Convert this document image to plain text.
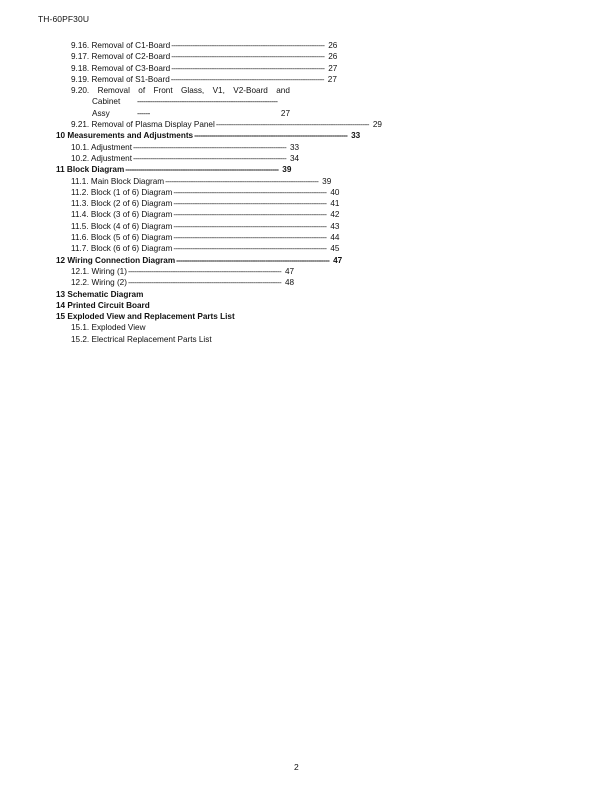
TH-60PF30U
9.16. Removal of C1-Board ------------------------------------------------------------------------ 26
9.17. Removal of C2-Board ------------------------------------------------------------------------ 26
9.18. Removal of C3-Board ------------------------------------------------------------------------ 27
9.19. Removal of S1-Board ------------------------------------------------------------------------ 27
9.20. Removal of Front Glass, V1, V2-Board and
Cabinet Assy
------------------------------------------------------------------------	27
9.21. Removal of Plasma Display Panel ------------------------------------------------------------------------ 29
10 Measurements and Adjustments ------------------------------------------------------------------------ 33
10.1. Adjustment ------------------------------------------------------------------------ 33
10.2. Adjustment ------------------------------------------------------------------------ 34
11 Block Diagram ------------------------------------------------------------------------ 39
11.1. Main Block Diagram ------------------------------------------------------------------------ 39
11.2. Block (1 of 6) Diagram ------------------------------------------------------------------------ 40
11.3. Block (2 of 6) Diagram ------------------------------------------------------------------------ 41
11.4. Block (3 of 6) Diagram ------------------------------------------------------------------------ 42
11.5. Block (4 of 6) Diagram ------------------------------------------------------------------------ 43
11.6. Block (5 of 6) Diagram ------------------------------------------------------------------------ 44
11.7. Block (6 of 6) Diagram ------------------------------------------------------------------------ 45
12 Wiring Connection Diagram ------------------------------------------------------------------------ 47
12.1. Wiring (1) ------------------------------------------------------------------------ 47
12.2. Wiring (2) ------------------------------------------------------------------------ 48
13 Schematic Diagram
14 Printed Circuit Board
15 Exploded View and Replacement Parts List
15.1. Exploded View
15.2. Electrical Replacement Parts List
2
